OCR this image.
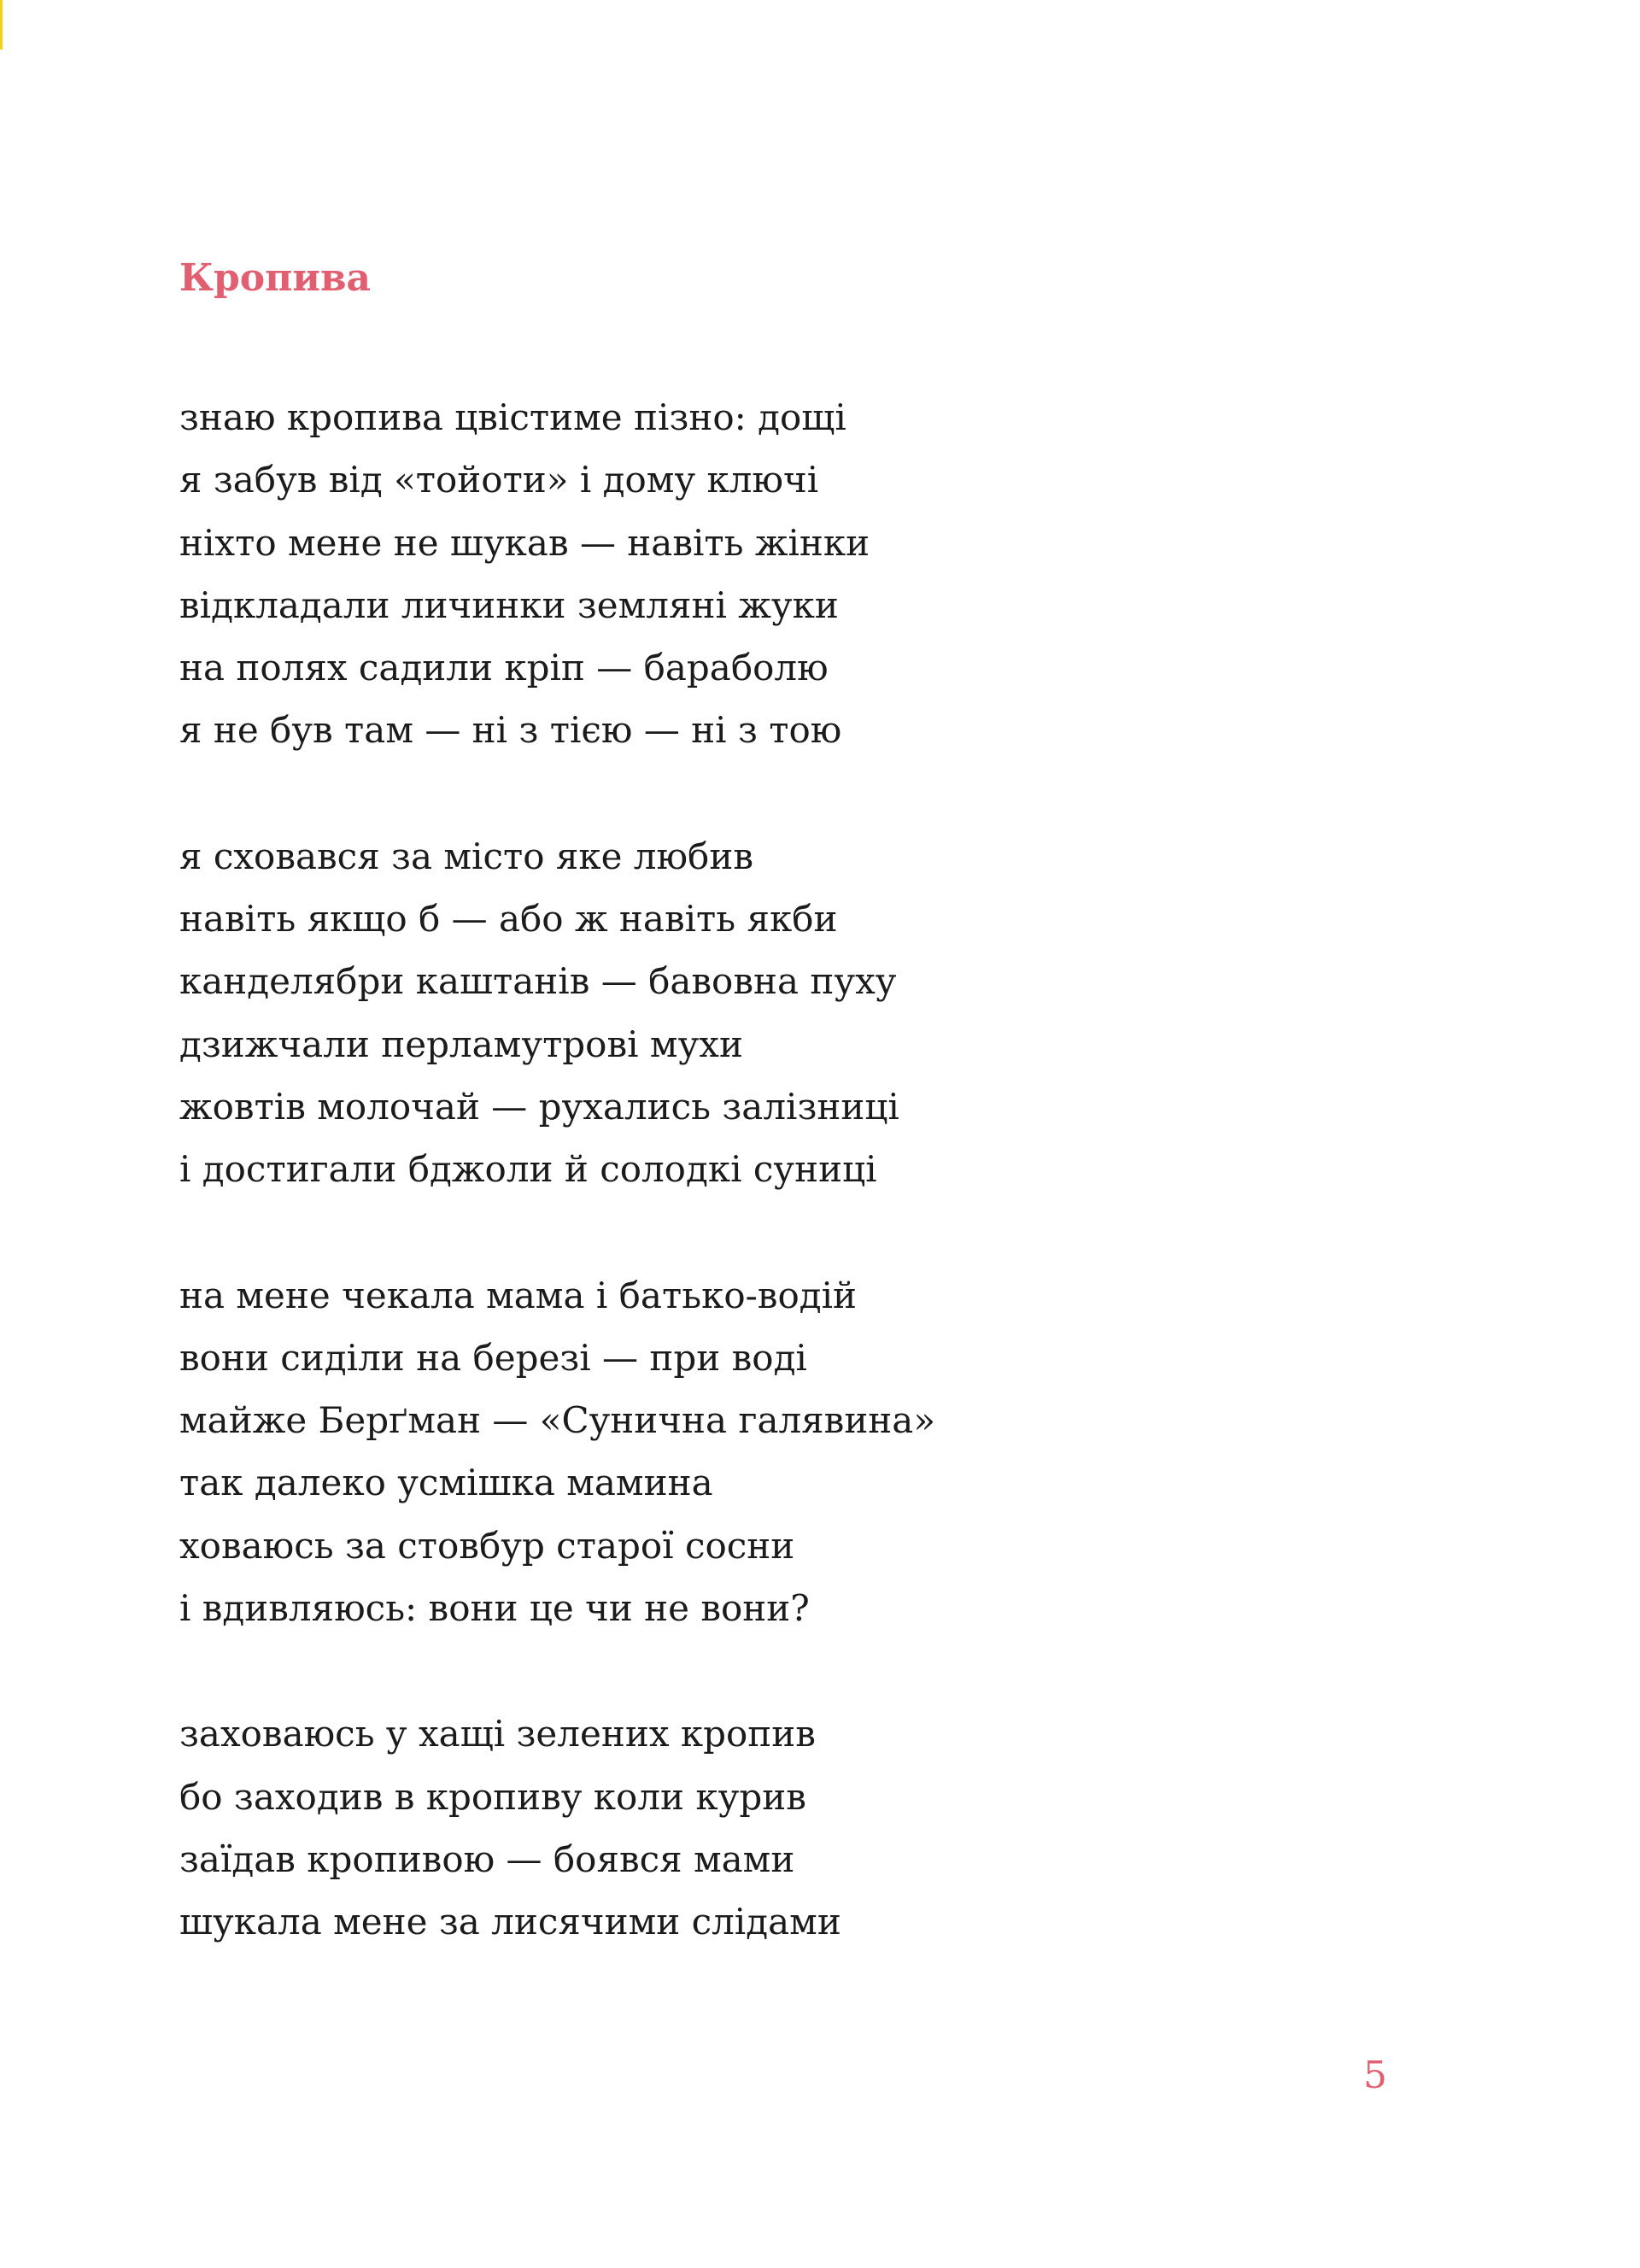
Кропива
знаю кропива цвістиме пізно: дощі
я забув від «тойоти» і дому ключі
ніхто мене не шукав — навіть жінки
відкладали личинки земляні жуки
на полях садили кріп — бараболю
я не був там — ні з тією — ні з тою
я сховався за місто яке любив
навіть якщо б — або ж навіть якби
канделябри каштанів — бавовна пуху
дзижчали перламутрові мухи
жовтів молочай — рухались залізниці
і достигали бджоли й солодкі суниці
на мене чекала мама і батько-водій
вони сиділи на березі — при воді
майже Берґман — «Сунична галявина»
так далеко усмішка мамина
ховаюсь за стовбур старої сосни
і вдивляюсь: вони це чи не вони?
заховаюсь у хащі зелених кропив
бо заходив в кропиву коли курив
заїдав кропивою — боявся мами
шукала мене за лисячими слідами
5
